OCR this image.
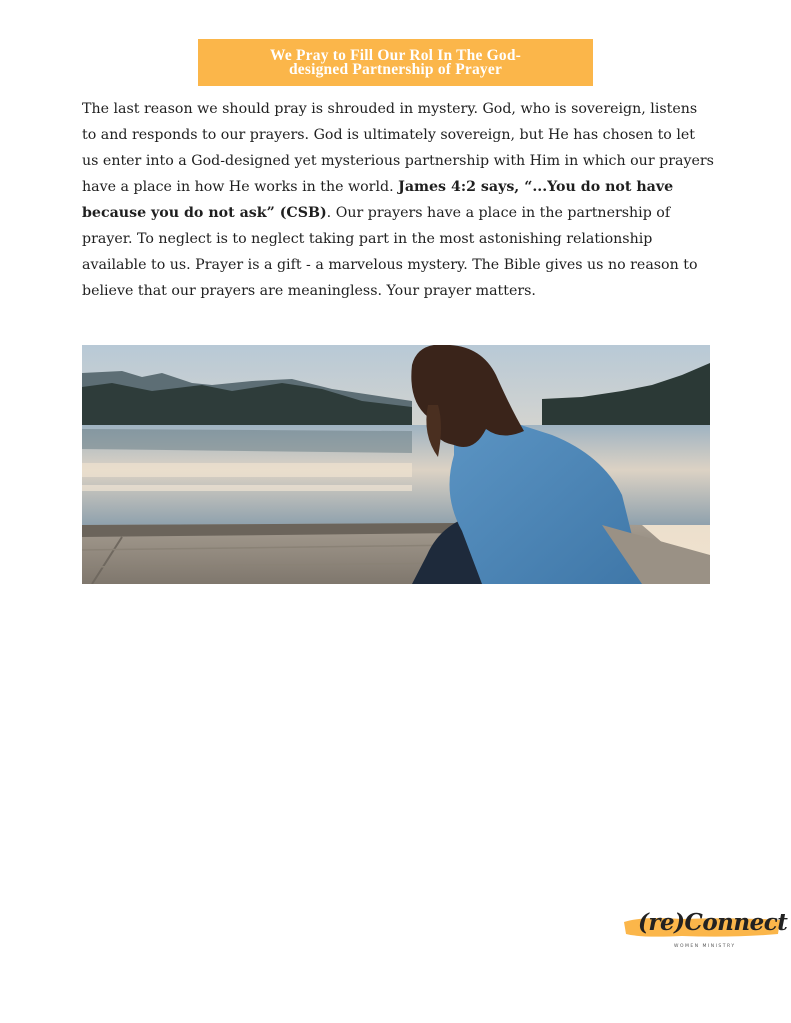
We Pray to Fill Our Rol In The God-
designed Partnership of Prayer

The last reason we should pray is shrouded in mystery. God, who is sovereign, listens to and responds to our prayers. God is ultimately sovereign, but He has chosen to let us enter into a God-designed yet mysterious partnership with Him in which our prayers have a place in how He works in the world. James 4:2 says, “...You do not have because you do not ask” (CSB). Our prayers have a place in the partnership of prayer. To neglect is to neglect taking part in the most astonishing relationship available to us. Prayer is a gift - a marvelous mystery. The Bible gives us no reason to believe that our prayers are meaningless. Your prayer matters.

(re)Connect
WOMEN MINISTRY
